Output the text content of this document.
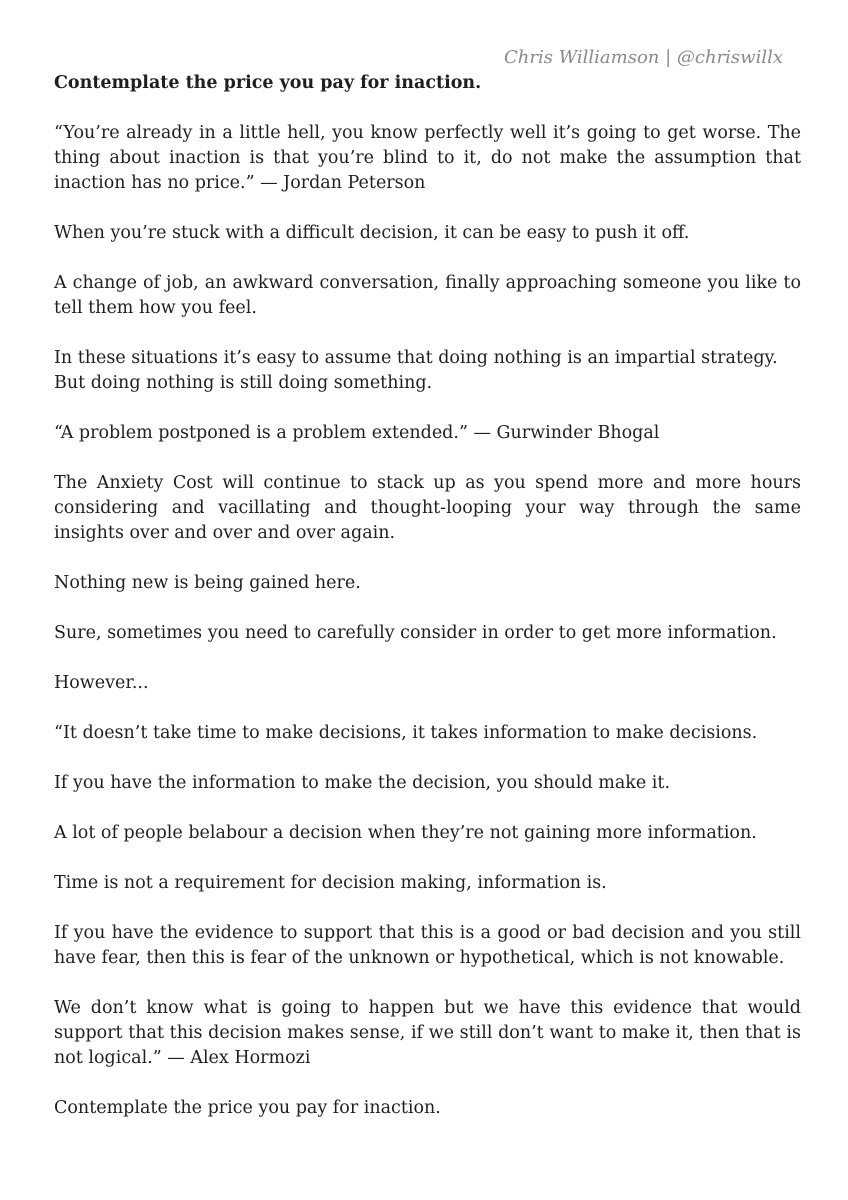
Chris Williamson | @chriswillx

Contemplate the price you pay for inaction.

“You’re already in a little hell, you know perfectly well it’s going to get worse. The thing about inaction is that you’re blind to it, do not make the assumption that inaction has no price.” — Jordan Peterson

When you’re stuck with a difficult decision, it can be easy to push it off.

A change of job, an awkward conversation, finally approaching someone you like to tell them how you feel.

In these situations it’s easy to assume that doing nothing is an impartial strategy.
But doing nothing is still doing something.

“A problem postponed is a problem extended.” — Gurwinder Bhogal

The Anxiety Cost will continue to stack up as you spend more and more hours considering and vacillating and thought-looping your way through the same insights over and over and over again.

Nothing new is being gained here.

Sure, sometimes you need to carefully consider in order to get more information.

However...

“It doesn’t take time to make decisions, it takes information to make decisions.

If you have the information to make the decision, you should make it.

A lot of people belabour a decision when they’re not gaining more information.

Time is not a requirement for decision making, information is.

If you have the evidence to support that this is a good or bad decision and you still have fear, then this is fear of the unknown or hypothetical, which is not knowable.

We don’t know what is going to happen but we have this evidence that would support that this decision makes sense, if we still don’t want to make it, then that is not logical.” — Alex Hormozi

Contemplate the price you pay for inaction.
